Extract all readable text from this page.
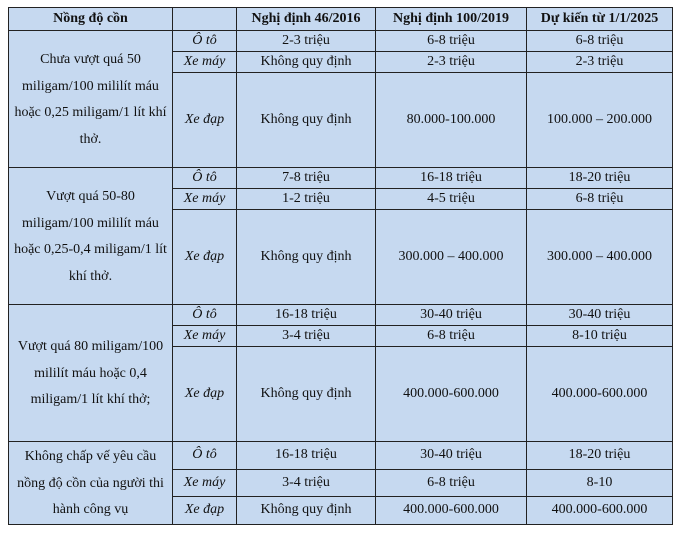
Nồng độ cồn		Nghị định 46/2016	Nghị định 100/2019	Dự kiến từ 1/1/2025
Chưa vượt quá 50 miligam/100 mililít máu hoặc 0,25 miligam/1 lít khí thở.	Ô tô	2-3 triệu	6-8 triệu	6-8 triệu
	Xe máy	Không quy định	2-3 triệu	2-3 triệu
	Xe đạp	Không quy định	80.000-100.000	100.000 – 200.000
Vượt quá 50-80 miligam/100 mililít máu hoặc 0,25-0,4 miligam/1 lít khí thở.	Ô tô	7-8 triệu	16-18 triệu	18-20 triệu
	Xe máy	1-2 triệu	4-5 triệu	6-8 triệu
	Xe đạp	Không quy định	300.000 – 400.000	300.000 – 400.000
Vượt quá 80 miligam/100 mililít máu hoặc 0,4 miligam/1 lít khí thở;	Ô tô	16-18 triệu	30-40 triệu	30-40 triệu
	Xe máy	3-4 triệu	6-8 triệu	8-10 triệu
	Xe đạp	Không quy định	400.000-600.000	400.000-600.000
Không chấp vế yêu cầu nồng độ cồn của người thi hành công vụ	Ô tô	16-18 triệu	30-40 triệu	18-20 triệu
	Xe máy	3-4 triệu	6-8 triệu	8-10
	Xe đạp	Không quy định	400.000-600.000	400.000-600.000
